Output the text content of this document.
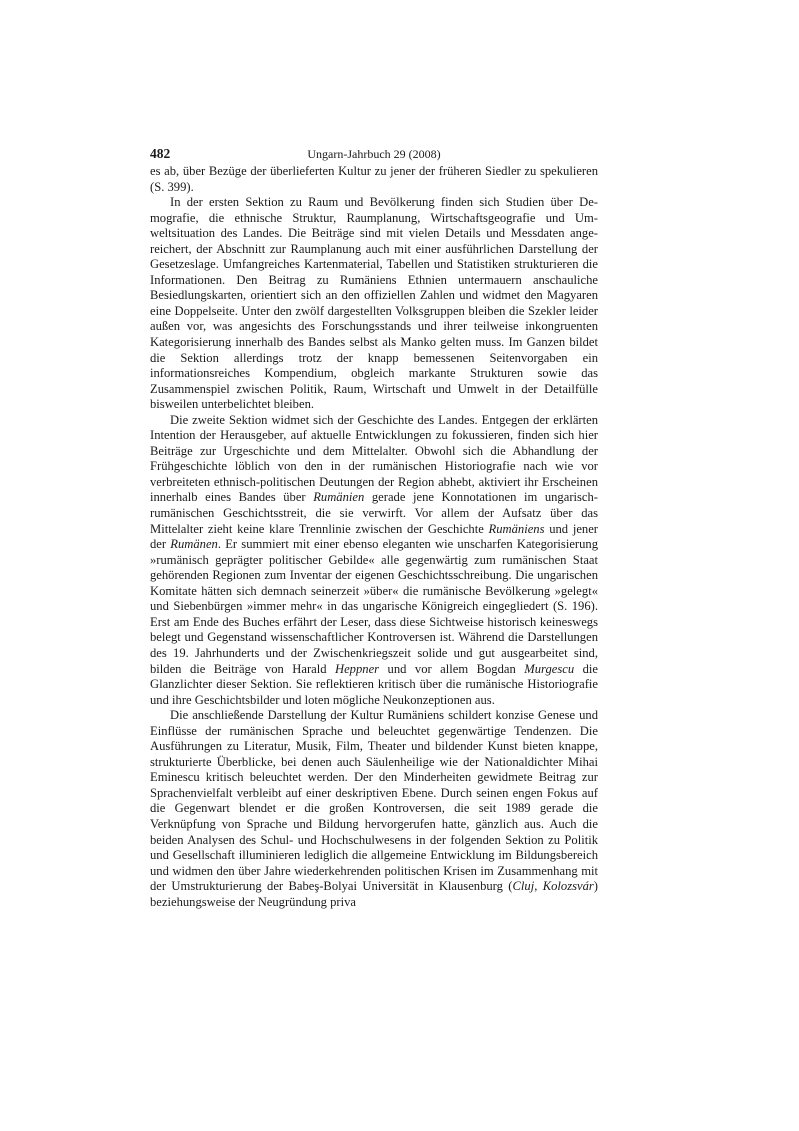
482	Ungarn-Jahrbuch 29 (2008)

es ab, über Bezüge der überlieferten Kultur zu jener der früheren Siedler zu spekulieren (S. 399).

In der ersten Sektion zu Raum und Bevölkerung finden sich Studien über Demografie, die ethnische Struktur, Raumplanung, Wirtschaftsgeografie und Umweltsituation des Landes. Die Beiträge sind mit vielen Details und Messdaten angereichert, der Abschnitt zur Raumplanung auch mit einer ausführlichen Darstellung der Gesetzeslage. Umfangreiches Kartenmaterial, Tabellen und Statistiken strukturieren die Informationen. Den Beitrag zu Rumäniens Ethnien untermauern anschauliche Besiedlungskarten, orientiert sich an den offiziellen Zahlen und widmet den Magyaren eine Doppelseite. Unter den zwölf dargestellten Volksgruppen bleiben die Szekler leider außen vor, was angesichts des Forschungsstands und ihrer teilweise inkongruenten Kategorisierung innerhalb des Bandes selbst als Manko gelten muss. Im Ganzen bildet die Sektion allerdings trotz der knapp bemessenen Seitenvorgaben ein informationsreiches Kompendium, obgleich markante Strukturen sowie das Zusammenspiel zwischen Politik, Raum, Wirtschaft und Umwelt in der Detailfülle bisweilen unterbelichtet bleiben.

Die zweite Sektion widmet sich der Geschichte des Landes. Entgegen der erklärten Intention der Herausgeber, auf aktuelle Entwicklungen zu fokussieren, finden sich hier Beiträge zur Urgeschichte und dem Mittelalter. Obwohl sich die Abhandlung der Frühgeschichte löblich von den in der rumänischen Historiografie nach wie vor verbreiteten ethnisch-politischen Deutungen der Region abhebt, aktiviert ihr Erscheinen innerhalb eines Bandes über Rumänien gerade jene Konnotationen im ungarisch-rumänischen Geschichtsstreit, die sie verwirft. Vor allem der Aufsatz über das Mittelalter zieht keine klare Trennlinie zwischen der Geschichte Rumäniens und jener der Rumänen. Er summiert mit einer ebenso eleganten wie unscharfen Kategorisierung »rumänisch geprägter politischer Gebilde« alle gegenwärtig zum rumänischen Staat gehörenden Regionen zum Inventar der eigenen Geschichtsschreibung. Die ungarischen Komitate hätten sich demnach seinerzeit »über« die rumänische Bevölkerung »gelegt« und Siebenbürgen »immer mehr« in das ungarische Königreich eingegliedert (S. 196). Erst am Ende des Buches erfährt der Leser, dass diese Sichtweise historisch keineswegs belegt und Gegenstand wissenschaftlicher Kontroversen ist. Während die Darstellungen des 19. Jahrhunderts und der Zwischenkriegszeit solide und gut ausgearbeitet sind, bilden die Beiträge von Harald Heppner und vor allem Bogdan Murgescu die Glanzlichter dieser Sektion. Sie reflektieren kritisch über die rumänische Historiografie und ihre Geschichtsbilder und loten mögliche Neukonzeptionen aus.

Die anschließende Darstellung der Kultur Rumäniens schildert konzise Genese und Einflüsse der rumänischen Sprache und beleuchtet gegenwärtige Tendenzen. Die Ausführungen zu Literatur, Musik, Film, Theater und bildender Kunst bieten knappe, strukturierte Überblicke, bei denen auch Säulenheilige wie der Nationaldichter Mihai Eminescu kritisch beleuchtet werden. Der den Minderheiten gewidmete Beitrag zur Sprachenvielfalt verbleibt auf einer deskriptiven Ebene. Durch seinen engen Fokus auf die Gegenwart blendet er die großen Kontroversen, die seit 1989 gerade die Verknüpfung von Sprache und Bildung hervorgerufen hatte, gänzlich aus. Auch die beiden Analysen des Schul- und Hochschulwesens in der folgenden Sektion zu Politik und Gesellschaft illuminieren lediglich die allgemeine Entwicklung im Bildungsbereich und widmen den über Jahre wiederkehrenden politischen Krisen im Zusammenhang mit der Umstrukturierung der Babeş-Bolyai Universität in Klausenburg (Cluj, Kolozsvár) beziehungsweise der Neugründung priva
